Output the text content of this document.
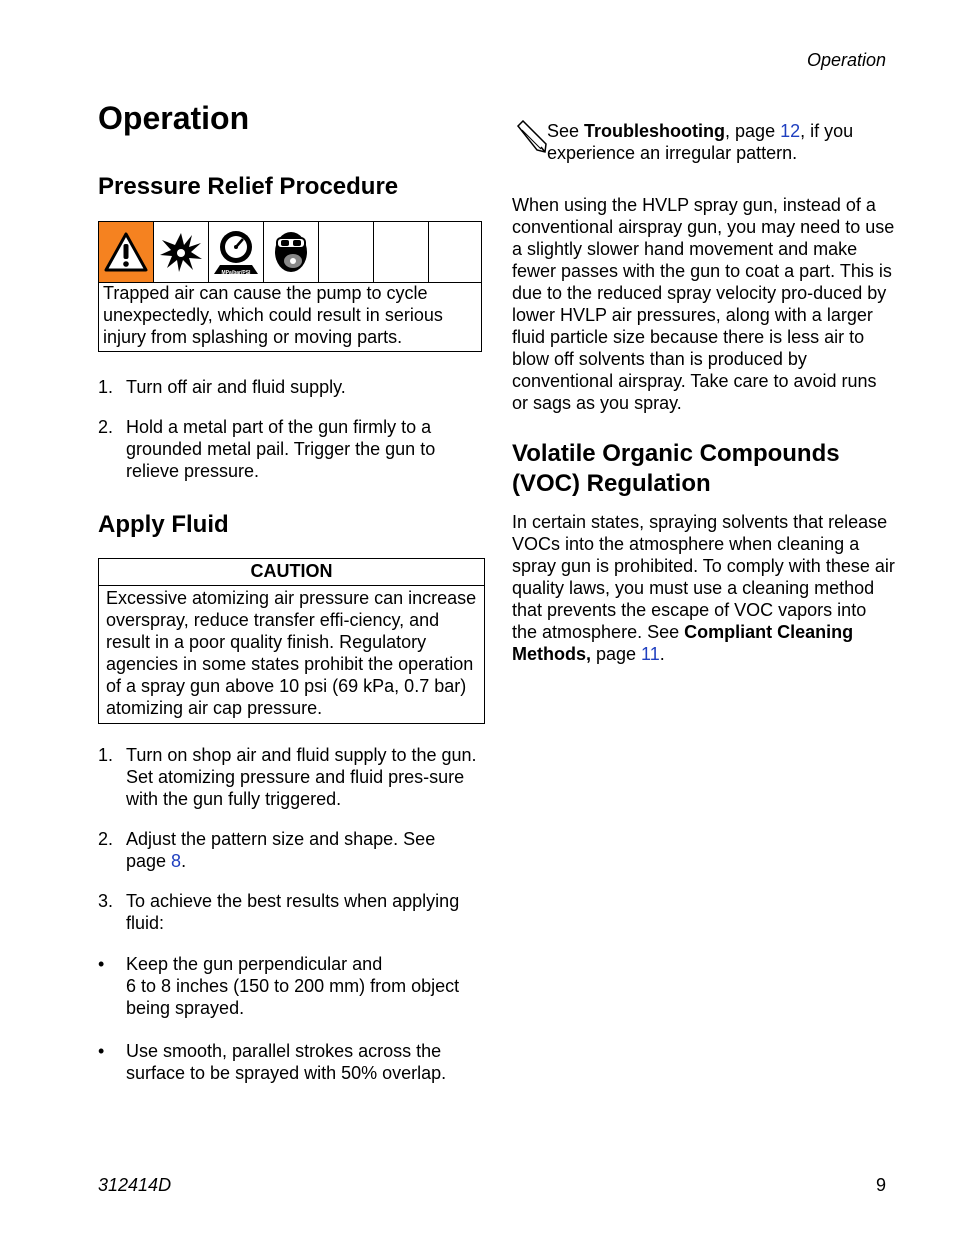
Operation
Operation
Pressure Relief Procedure
MPa/bar/PSI
Trapped air can cause the pump to cycle unexpectedly, which could result in serious injury from splashing or moving parts.
1. Turn off air and fluid supply.
2. Hold a metal part of the gun firmly to a grounded metal pail. Trigger the gun to relieve pressure.
Apply Fluid
CAUTION
Excessive atomizing air pressure can increase overspray, reduce transfer effi-ciency, and result in a poor quality finish. Regulatory agencies in some states prohibit the operation of a spray gun above 10 psi (69 kPa, 0.7 bar) atomizing air cap pressure.
1. Turn on shop air and fluid supply to the gun. Set atomizing pressure and fluid pres-sure with the gun fully triggered.
2. Adjust the pattern size and shape. See page 8.
3. To achieve the best results when applying fluid:
• Keep the gun perpendicular and
6 to 8 inches (150 to 200 mm) from object being sprayed.
• Use smooth, parallel strokes across the surface to be sprayed with 50% overlap.
See Troubleshooting, page 12, if you experience an irregular pattern.
When using the HVLP spray gun, instead of a conventional airspray gun, you may need to use a slightly slower hand movement and make fewer passes with the gun to coat a part. This is due to the reduced spray velocity pro-duced by lower HVLP air pressures, along with a larger fluid particle size because there is less air to blow off solvents than is produced by conventional airspray. Take care to avoid runs or sags as you spray.
Volatile Organic Compounds
(VOC) Regulation
In certain states, spraying solvents that release VOCs into the atmosphere when cleaning a spray gun is prohibited. To comply with these air quality laws, you must use a cleaning method that prevents the escape of VOC vapors into the atmosphere. See Compliant Cleaning Methods, page 11.
312414D	9
